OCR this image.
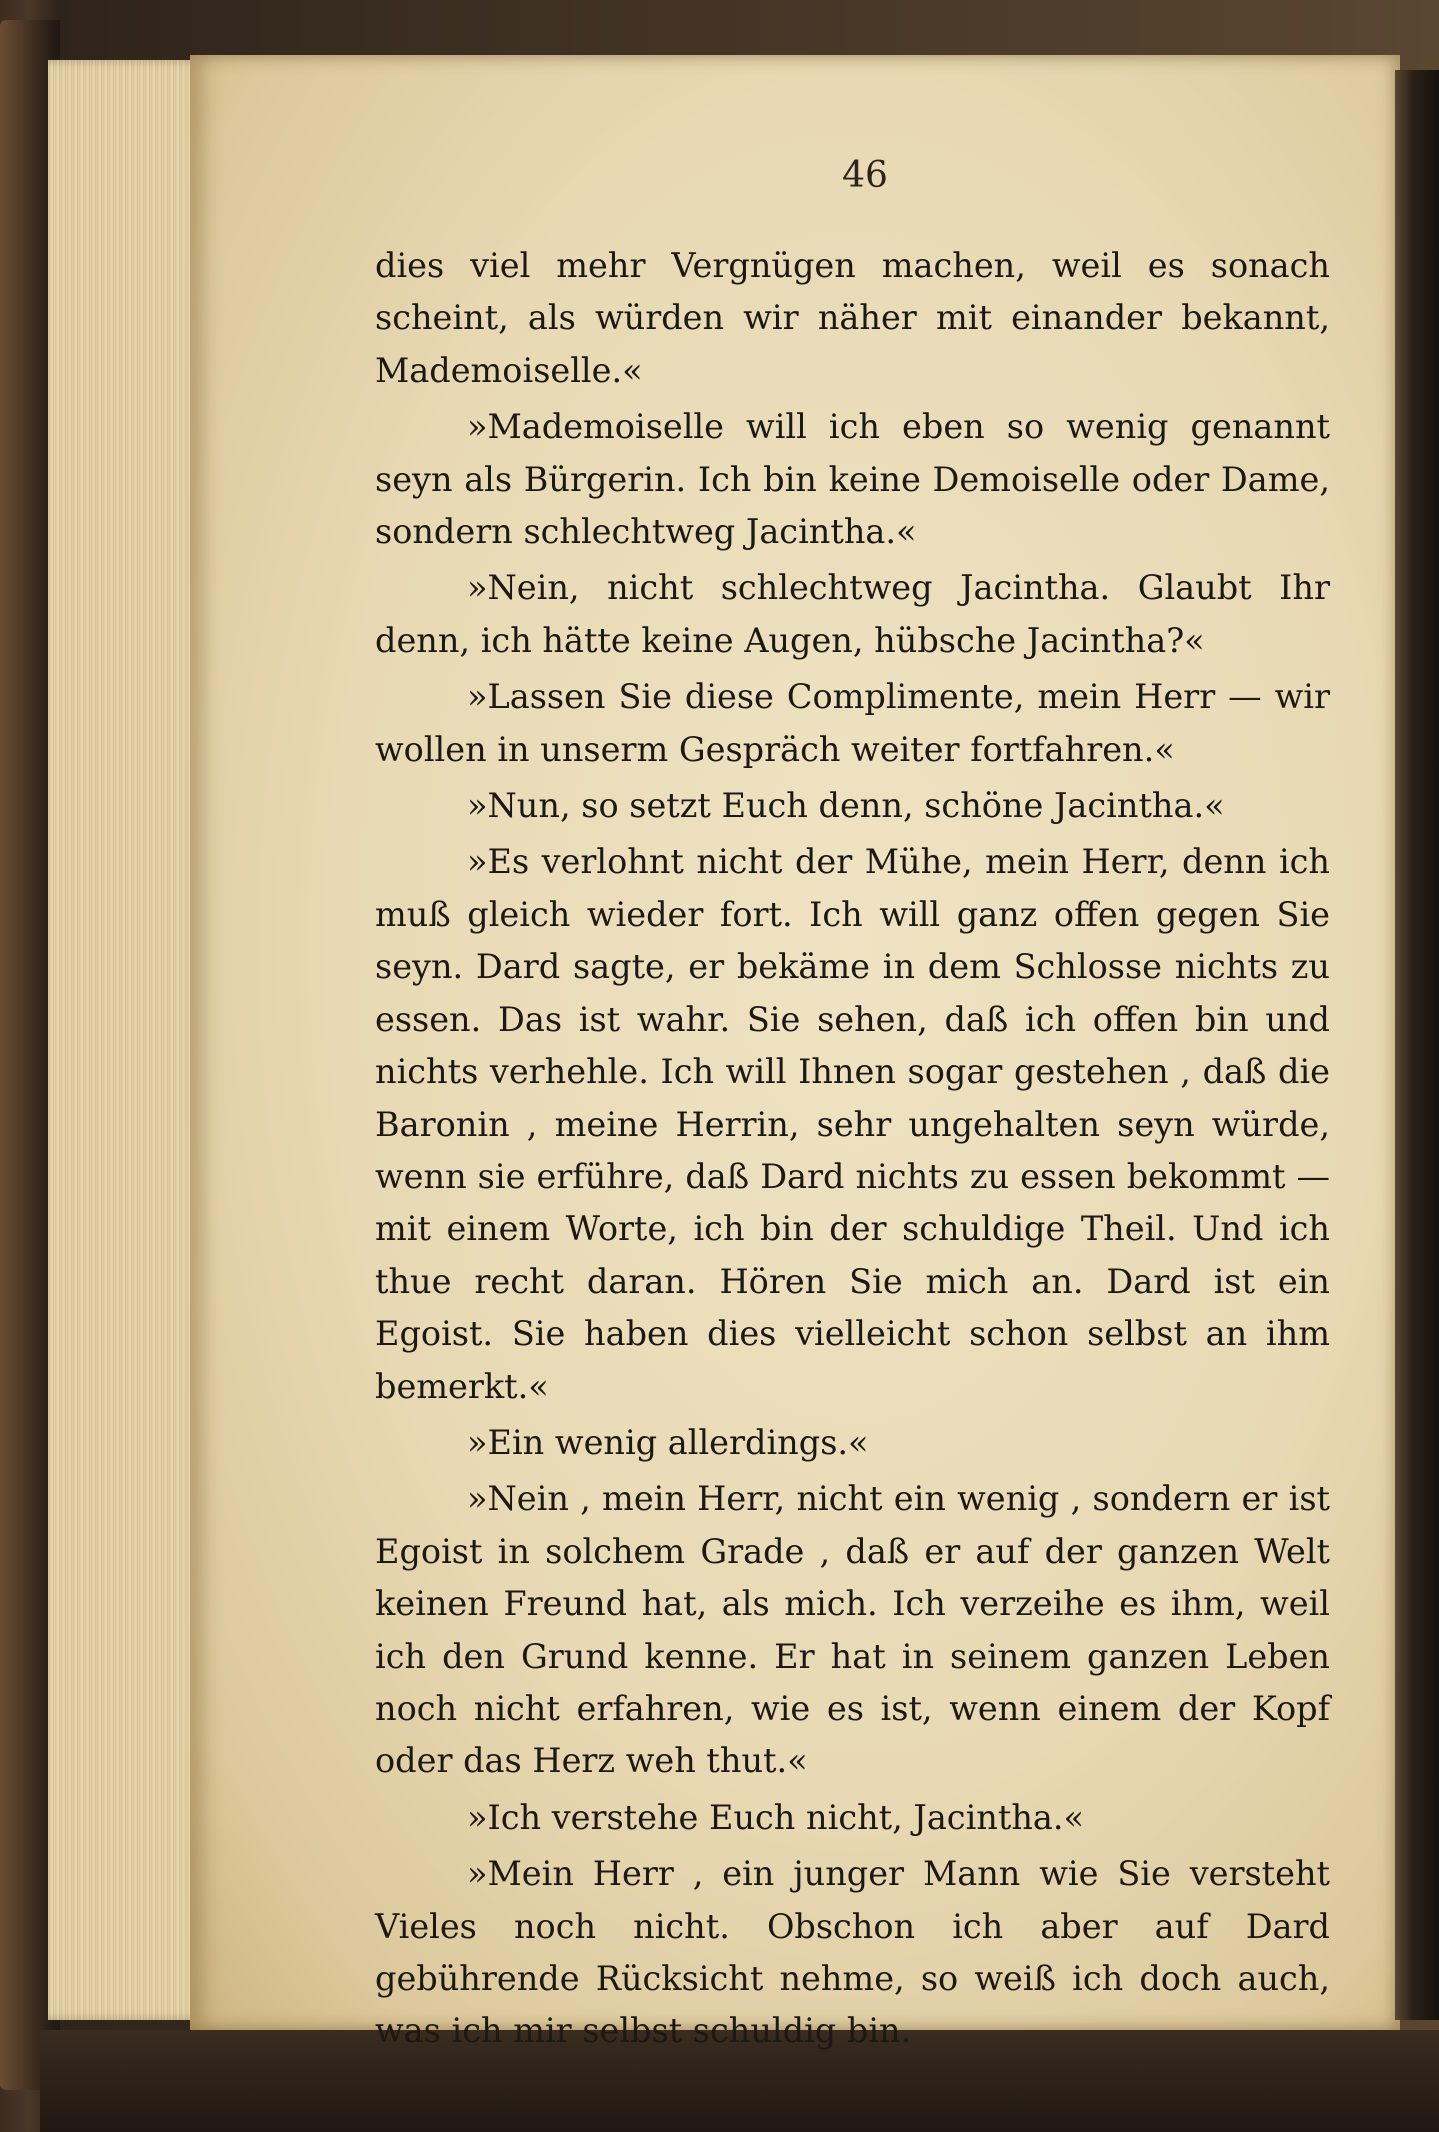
46

dies viel mehr Vergnügen machen, weil es sonach scheint, als würden wir näher mit einander bekannt, Mademoiselle.«

»Mademoiselle will ich eben so wenig genannt seyn als Bürgerin. Ich bin keine Demoiselle oder Dame, sondern schlechtweg Jacintha.«

»Nein, nicht schlechtweg Jacintha. Glaubt Ihr denn, ich hätte keine Augen, hübsche Jacintha?«

»Lassen Sie diese Complimente, mein Herr — wir wollen in unserm Gespräch weiter fortfahren.«

»Nun, so setzt Euch denn, schöne Jacintha.«

»Es verlohnt nicht der Mühe, mein Herr, denn ich muß gleich wieder fort. Ich will ganz offen gegen Sie seyn. Dard sagte, er bekäme in dem Schlosse nichts zu essen. Das ist wahr. Sie sehen, daß ich offen bin und nichts verhehle. Ich will Ihnen sogar gestehen , daß die Baronin , meine Herrin, sehr ungehalten seyn würde, wenn sie erführe, daß Dard nichts zu essen bekommt — mit einem Worte, ich bin der schuldige Theil. Und ich thue recht daran. Hören Sie mich an. Dard ist ein Egoist. Sie haben dies vielleicht schon selbst an ihm bemerkt.«

»Ein wenig allerdings.«

»Nein , mein Herr, nicht ein wenig , sondern er ist Egoist in solchem Grade , daß er auf der ganzen Welt keinen Freund hat, als mich. Ich verzeihe es ihm, weil ich den Grund kenne. Er hat in seinem ganzen Leben noch nicht erfahren, wie es ist, wenn einem der Kopf oder das Herz weh thut.«

»Ich verstehe Euch nicht, Jacintha.«

»Mein Herr , ein junger Mann wie Sie versteht Vieles noch nicht. Obschon ich aber auf Dard gebührende Rücksicht nehme, so weiß ich doch auch, was ich mir selbst schuldig bin.
